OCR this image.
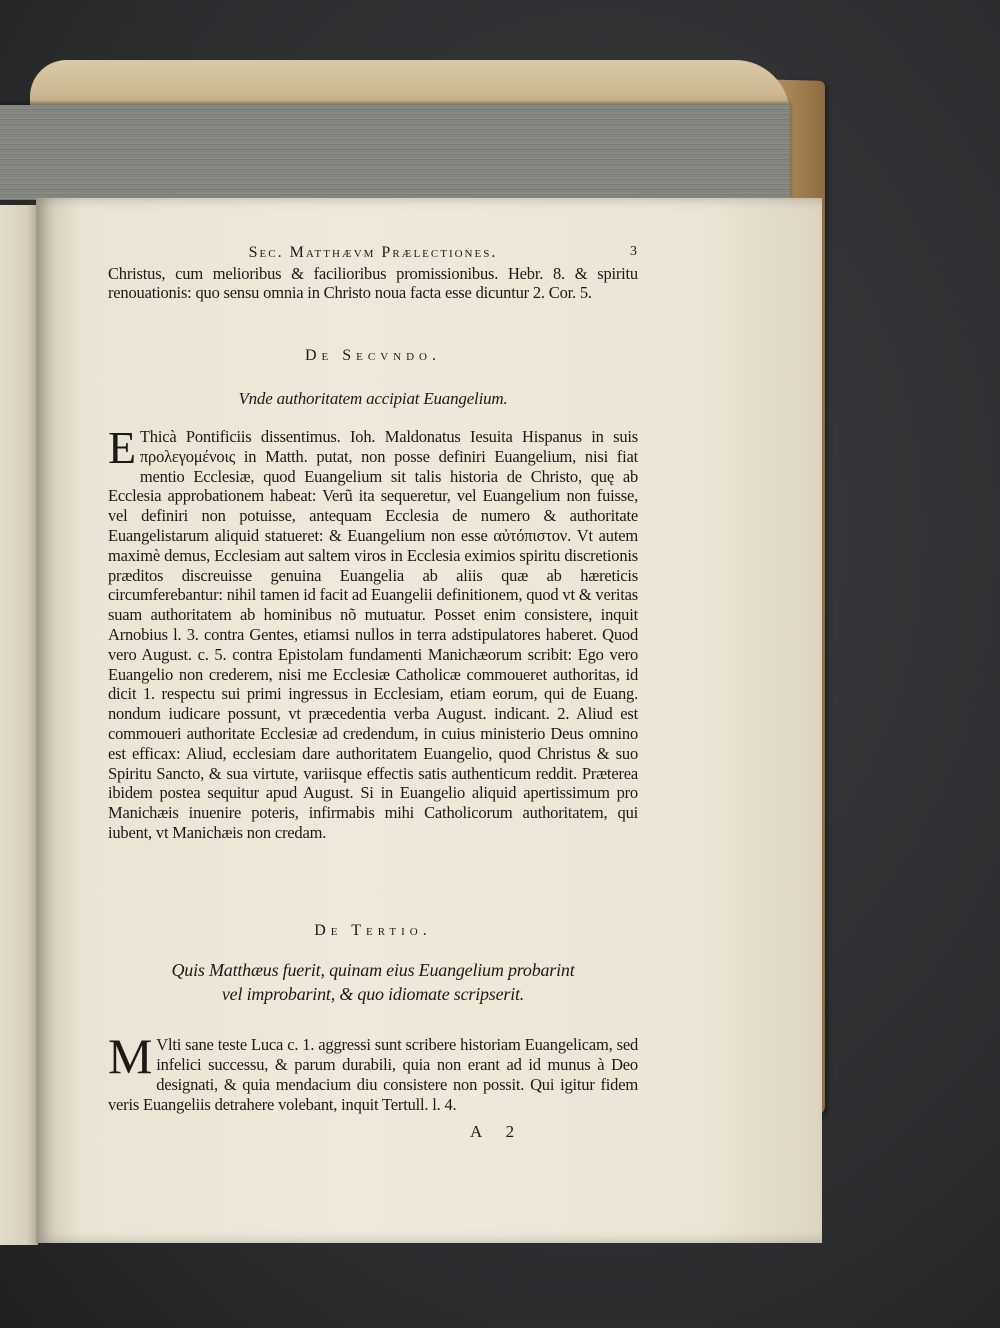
Sec. Matthævm Prælectiones.	3
Christus, cum melioribus & facilioribus promissionibus. Hebr. 8. & spiritu renouationis: quo sensu omnia in Christo noua facta esse dicuntur 2. Cor. 5.
De Secvndo.
Vnde authoritatem accipiat Euangelium.
E Thicà Pontificiis dissentimus. Ioh. Maldonatus Iesuita Hispanus in suis προλεγομένοις in Matth. putat, non posse definiri Euangelium, nisi fiat mentio Ecclesiæ, quod Euangelium sit talis historia de Christo, quę ab Ecclesia approbationem habeat: Verũ ita sequeretur, vel Euangelium non fuisse, vel definiri non potuisse, antequam Ecclesia de numero & authoritate Euangelistarum aliquid statueret: & Euangelium non esse αὐτόπιστον. Vt autem maximè demus, Ecclesiam aut saltem viros in Ecclesia eximios spiritu discretionis præditos discreuisse genuina Euangelia ab aliis quæ ab hæreticis circumferebantur: nihil tamen id facit ad Euangelii definitionem, quod vt & veritas suam authoritatem ab hominibus nõ mutuatur. Posset enim consistere, inquit Arnobius l. 3. contra Gentes, etiamsi nullos in terra adstipulatores haberet. Quod vero August. c. 5. contra Epistolam fundamenti Manichæorum scribit: Ego vero Euangelio non crederem, nisi me Ecclesiæ Catholicæ commoueret authoritas, id dicit 1. respectu sui primi ingressus in Ecclesiam, etiam eorum, qui de Euang. nondum iudicare possunt, vt præcedentia verba August. indicant. 2. Aliud est commoueri authoritate Ecclesiæ ad credendum, in cuius ministerio Deus omnino est efficax: Aliud, ecclesiam dare authoritatem Euangelio, quod Christus & suo Spiritu Sancto, & sua virtute, variisque effectis satis authenticum reddit. Præterea ibidem postea sequitur apud August. Si in Euangelio aliquid apertissimum pro Manichæis inuenire poteris, infirmabis mihi Catholicorum authoritatem, qui iubent, vt Manichæis non credam.
De Tertio.
Quis Matthæus fuerit, quinam eius Euangelium probarint
vel improbarint, & quo idiomate scripserit.
M Vlti sane teste Luca c. 1. aggressi sunt scribere historiam Euangelicam, sed infelici successu, & parum durabili, quia non erant ad id munus à Deo designati, & quia mendacium diu consistere non possit. Qui igitur fidem veris Euangeliis detrahere volebant, inquit Tertull. l. 4.
A 2
